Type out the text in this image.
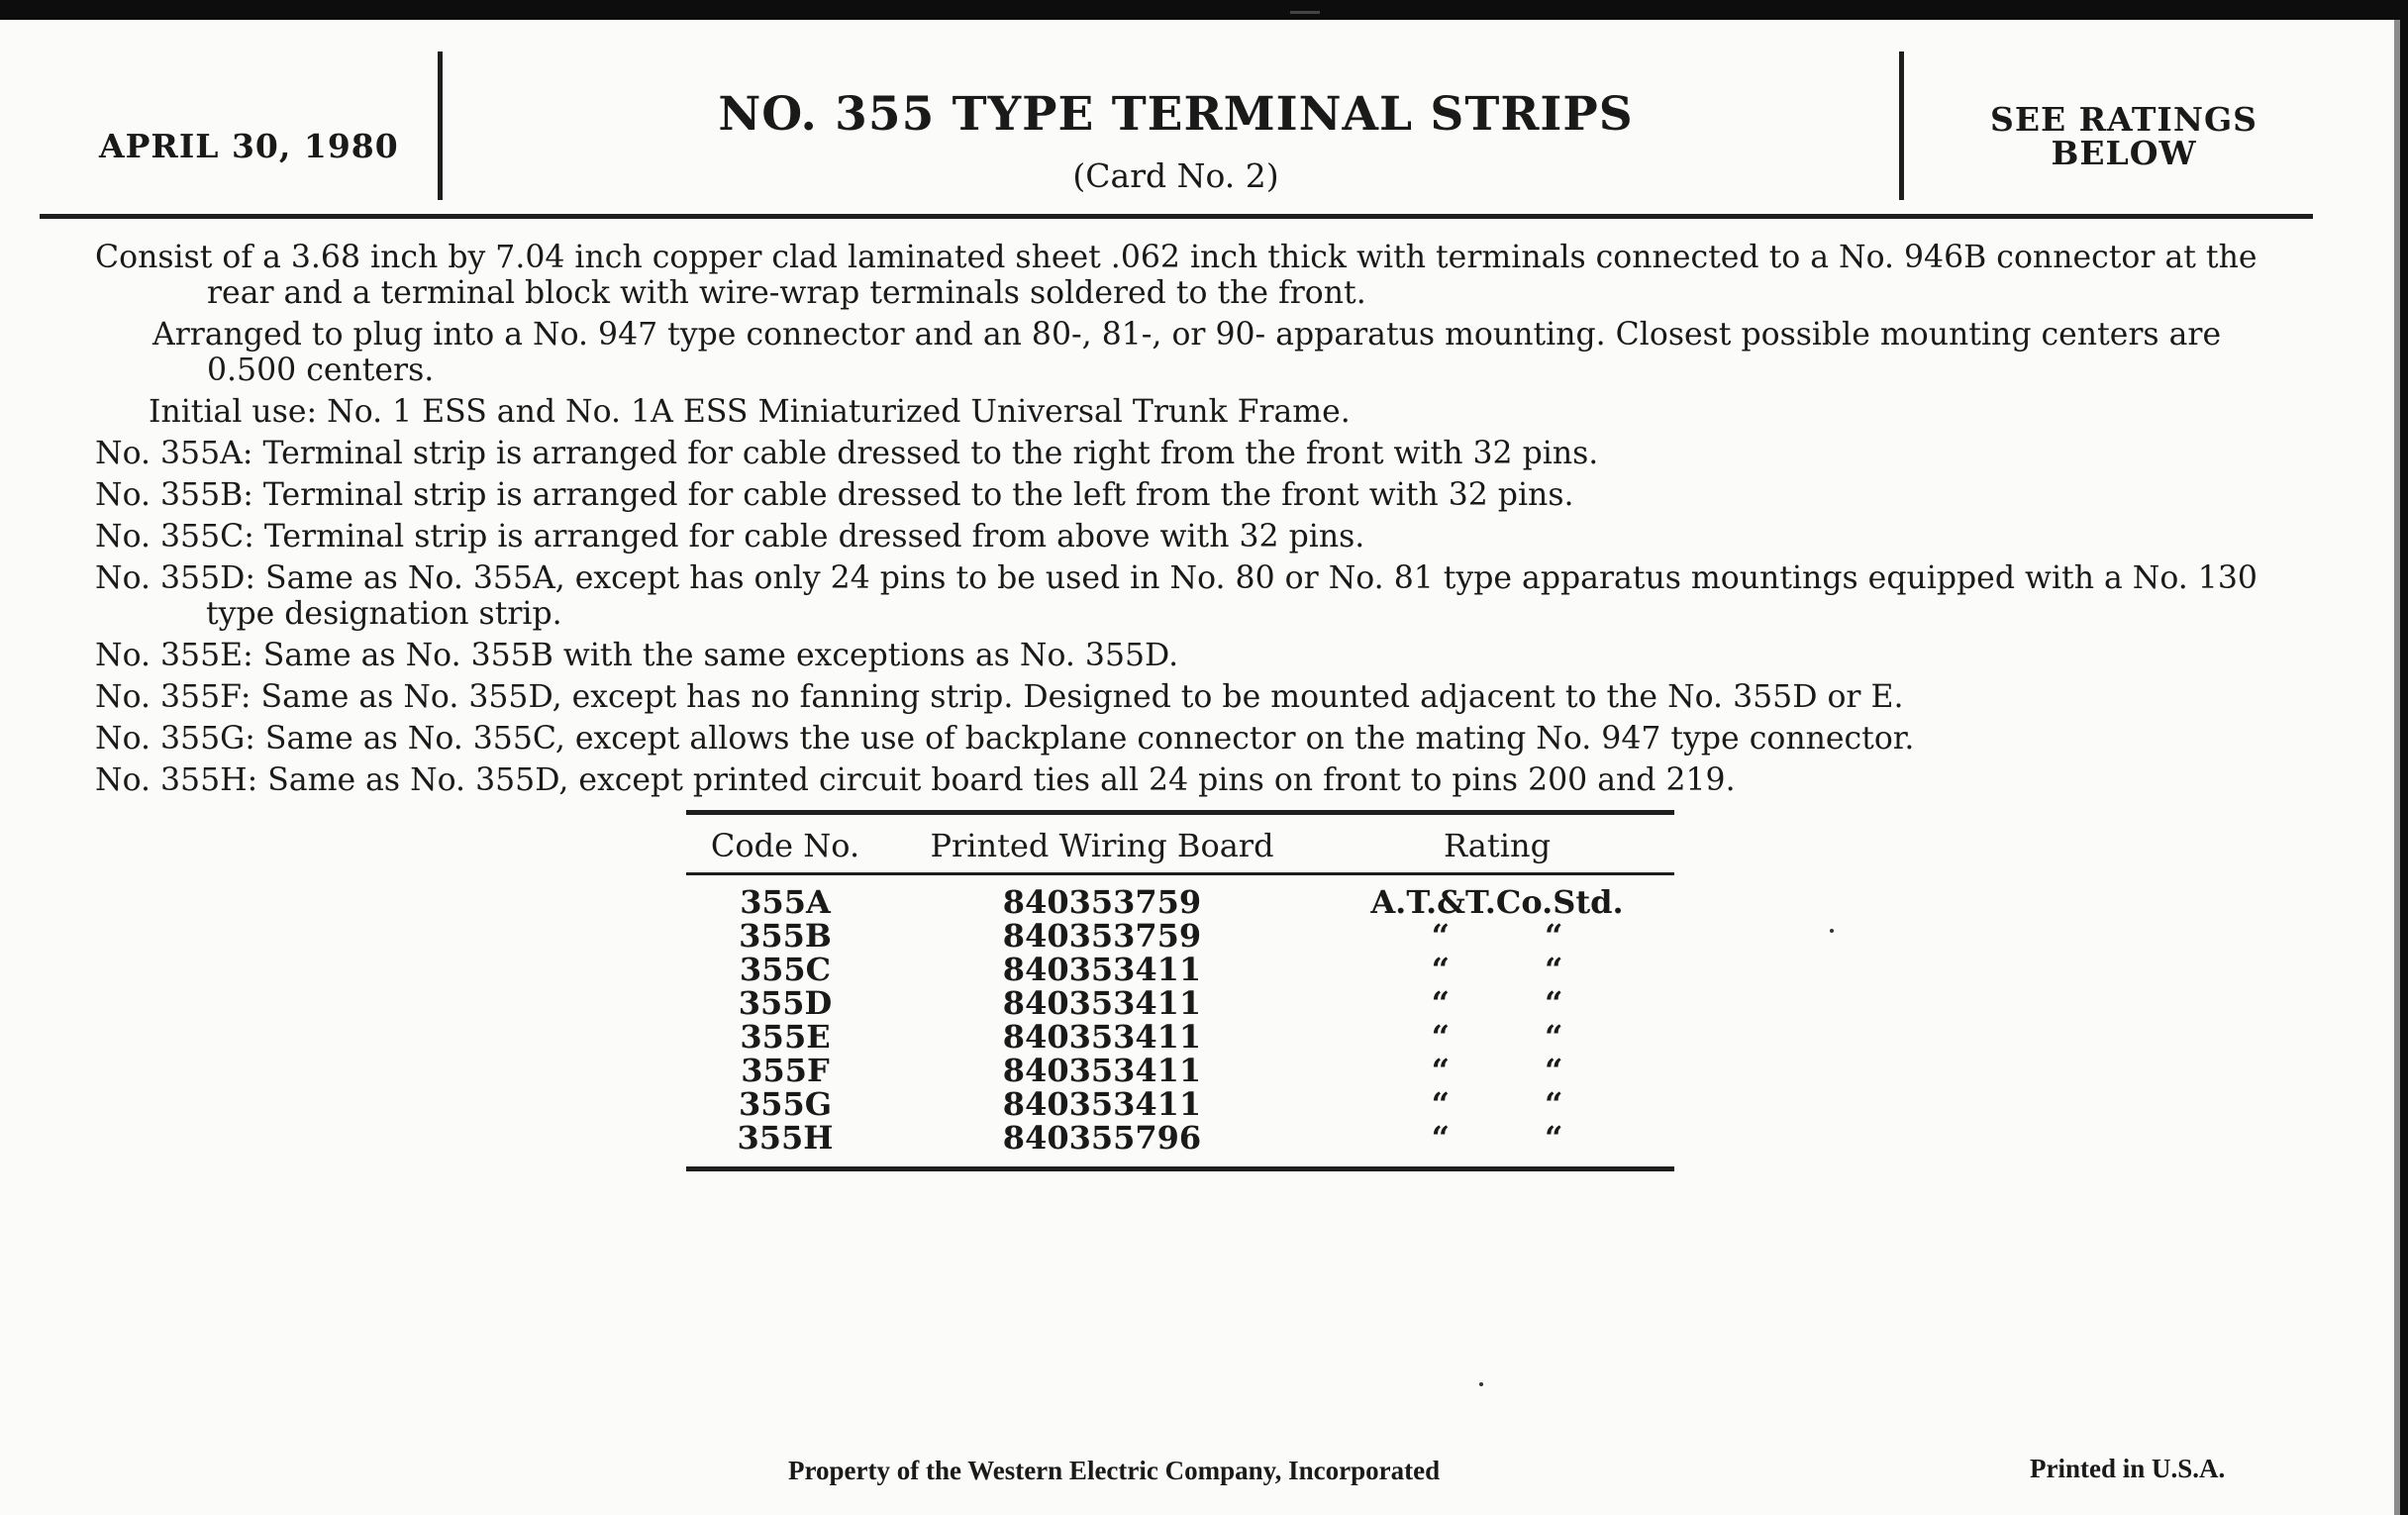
APRIL 30, 1980
NO. 355 TYPE TERMINAL STRIPS
(Card No. 2)
SEE RATINGS
BELOW

Consist of a 3.68 inch by 7.04 inch copper clad laminated sheet .062 inch thick with terminals connected to a No. 946B connector at the rear and a terminal block with wire-wrap terminals soldered to the front.

Arranged to plug into a No. 947 type connector and an 80-, 81-, or 90- apparatus mounting. Closest possible mounting centers are 0.500 centers.

Initial use: No. 1 ESS and No. 1A ESS Miniaturized Universal Trunk Frame.

No. 355A: Terminal strip is arranged for cable dressed to the right from the front with 32 pins.

No. 355B: Terminal strip is arranged for cable dressed to the left from the front with 32 pins.

No. 355C: Terminal strip is arranged for cable dressed from above with 32 pins.

No. 355D: Same as No. 355A, except has only 24 pins to be used in No. 80 or No. 81 type apparatus mountings equipped with a No. 130 type designation strip.

No. 355E: Same as No. 355B with the same exceptions as No. 355D.

No. 355F: Same as No. 355D, except has no fanning strip. Designed to be mounted adjacent to the No. 355D or E.

No. 355G: Same as No. 355C, except allows the use of backplane connector on the mating No. 947 type connector.

No. 355H: Same as No. 355D, except printed circuit board ties all 24 pins on front to pins 200 and 219.

Code No.	Printed Wiring Board	Rating
355A	840353759	A.T.&T.Co.Std.
355B	840353759	“	“
355C	840353411	“	“
355D	840353411	“	“
355E	840353411	“	“
355F	840353411	“	“
355G	840353411	“	“
355H	840355796	“	“
Property of the Western Electric Company, Incorporated	Printed in U.S.A.
